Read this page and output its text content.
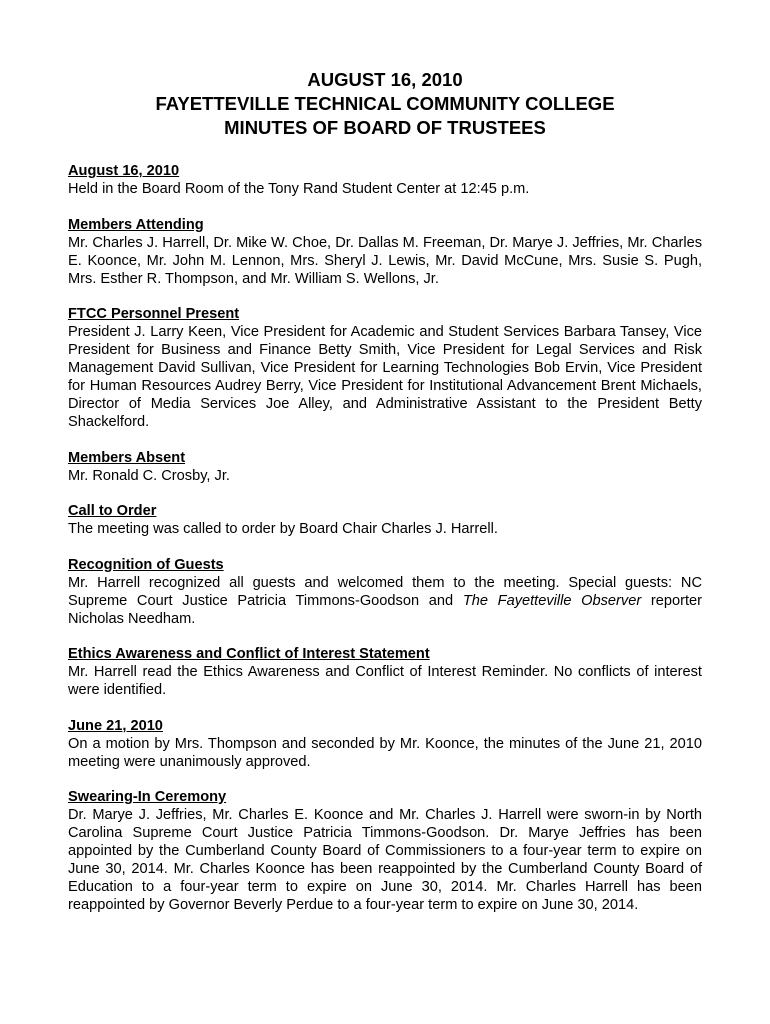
AUGUST 16, 2010
FAYETTEVILLE TECHNICAL COMMUNITY COLLEGE
MINUTES OF BOARD OF TRUSTEES
August 16, 2010

Held in the Board Room of the Tony Rand Student Center at 12:45 p.m.

Members Attending

Mr. Charles J. Harrell, Dr. Mike W. Choe, Dr. Dallas M. Freeman, Dr. Marye J. Jeffries, Mr. Charles E. Koonce, Mr. John M. Lennon, Mrs. Sheryl J. Lewis, Mr. David McCune, Mrs. Susie S. Pugh, Mrs. Esther R. Thompson, and Mr. William S. Wellons, Jr.

FTCC Personnel Present

President J. Larry Keen, Vice President for Academic and Student Services Barbara Tansey, Vice President for Business and Finance Betty Smith, Vice President for Legal Services and Risk Management David Sullivan, Vice President for Learning Technologies Bob Ervin, Vice President for Human Resources Audrey Berry, Vice President for Institutional Advancement Brent Michaels, Director of Media Services Joe Alley, and Administrative Assistant to the President Betty Shackelford.

Members Absent

Mr. Ronald C. Crosby, Jr.

Call to Order

The meeting was called to order by Board Chair Charles J. Harrell.

Recognition of Guests

Mr. Harrell recognized all guests and welcomed them to the meeting. Special guests: NC Supreme Court Justice Patricia Timmons-Goodson and The Fayetteville Observer reporter Nicholas Needham.

Ethics Awareness and Conflict of Interest Statement

Mr. Harrell read the Ethics Awareness and Conflict of Interest Reminder. No conflicts of interest were identified.

June 21, 2010

On a motion by Mrs. Thompson and seconded by Mr. Koonce, the minutes of the June 21, 2010 meeting were unanimously approved.

Swearing-In Ceremony

Dr. Marye J. Jeffries, Mr. Charles E. Koonce and Mr. Charles J. Harrell were sworn-in by North Carolina Supreme Court Justice Patricia Timmons-Goodson. Dr. Marye Jeffries has been appointed by the Cumberland County Board of Commissioners to a four-year term to expire on June 30, 2014. Mr. Charles Koonce has been reappointed by the Cumberland County Board of Education to a four-year term to expire on June 30, 2014. Mr. Charles Harrell has been reappointed by Governor Beverly Perdue to a four-year term to expire on June 30, 2014.
